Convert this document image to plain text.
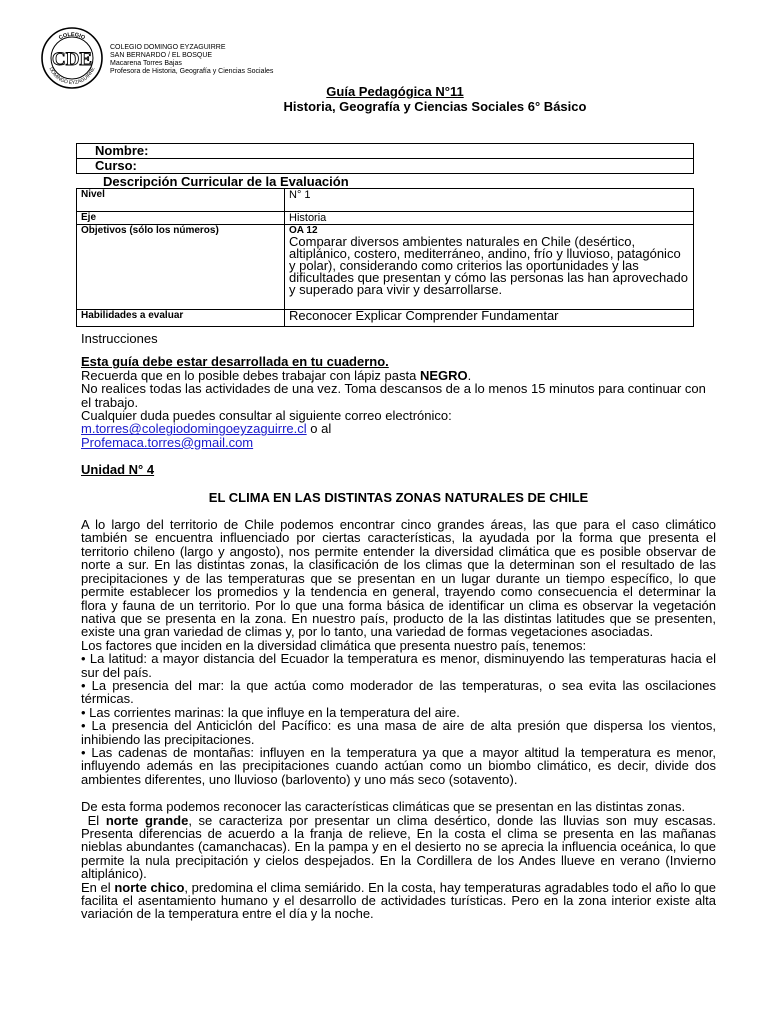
COLEGIO
DOMINGO EYZAGUIRRE
CDE
COLEGIO DOMINGO EYZAGUIRRE
SAN BERNARDO / EL BOSQUE
Macarena Torres Bajas
Profesora de Historia, Geografía y Ciencias Sociales
Guía Pedagógica N°11
Historia, Geografía y Ciencias Sociales 6° Básico
Nombre:
Curso:
Descripción Curricular de la Evaluación
Nivel	N° 1
Eje	Historia
Objetivos (sólo los números)	OA 12
Comparar diversos ambientes naturales en Chile (desértico, altiplánico, costero, mediterráneo, andino, frío y lluvioso, patagónico y polar), considerando como criterios las oportunidades y las dificultades que presentan y cómo las personas las han aprovechado y superado para vivir y desarrollarse.

Habilidades a evaluar	Reconocer Explicar Comprender Fundamentar

Instrucciones

Esta guía debe estar desarrollada en tu cuaderno.

Recuerda que en lo posible debes trabajar con lápiz pasta NEGRO.

No realices todas las actividades de una vez. Toma descansos de a lo menos 15 minutos para continuar con el trabajo.

Cualquier duda puedes consultar al siguiente correo electrónico:

m.torres@colegiodomingoeyzaguirre.cl o al

Profemaca.torres@gmail.com

Unidad N° 4

EL CLIMA EN LAS DISTINTAS ZONAS NATURALES DE CHILE

A lo largo del territorio de Chile podemos encontrar cinco grandes áreas, las que para el caso climático también se encuentra influenciado por ciertas características, la ayudada por la forma que presenta el territorio chileno (largo y angosto), nos permite entender la diversidad climática que es posible observar de norte a sur. En las distintas zonas, la clasificación de los climas que la determinan son el resultado de las precipitaciones y de las temperaturas que se presentan en un lugar durante un tiempo específico, lo que permite establecer los promedios y la tendencia en general, trayendo como consecuencia el determinar la flora y fauna de un territorio. Por lo que una forma básica de identificar un clima es observar la vegetación nativa que se presenta en la zona. En nuestro país, producto de la las distintas latitudes que se presenten, existe una gran variedad de climas y, por lo tanto, una variedad de formas vegetaciones asociadas.

Los factores que inciden en la diversidad climática que presenta nuestro país, tenemos:

• La latitud: a mayor distancia del Ecuador la temperatura es menor, disminuyendo las temperaturas hacia el sur del país.

• La presencia del mar: la que actúa como moderador de las temperaturas, o sea evita las oscilaciones térmicas.

• Las corrientes marinas: la que influye en la temperatura del aire.

• La presencia del Anticiclón del Pacífico: es una masa de aire de alta presión que dispersa los vientos, inhibiendo las precipitaciones.

• Las cadenas de montañas: influyen en la temperatura ya que a mayor altitud la temperatura es menor, influyendo además en las precipitaciones cuando actúan como un biombo climático, es decir, divide dos ambientes diferentes, uno lluvioso (barlovento) y uno más seco (sotavento).

De esta forma podemos reconocer las características climáticas que se presentan en las distintas zonas.

El norte grande, se caracteriza por presentar un clima desértico, donde las lluvias son muy escasas. Presenta diferencias de acuerdo a la franja de relieve, En la costa el clima se presenta en las mañanas nieblas abundantes (camanchacas). En la pampa y en el desierto no se aprecia la influencia oceánica, lo que permite la nula precipitación y cielos despejados. En la Cordillera de los Andes llueve en verano (Invierno altiplánico).

En el norte chico, predomina el clima semiárido. En la costa, hay temperaturas agradables todo el año lo que facilita el asentamiento humano y el desarrollo de actividades turísticas. Pero en la zona interior existe alta variación de la temperatura entre el día y la noche.
